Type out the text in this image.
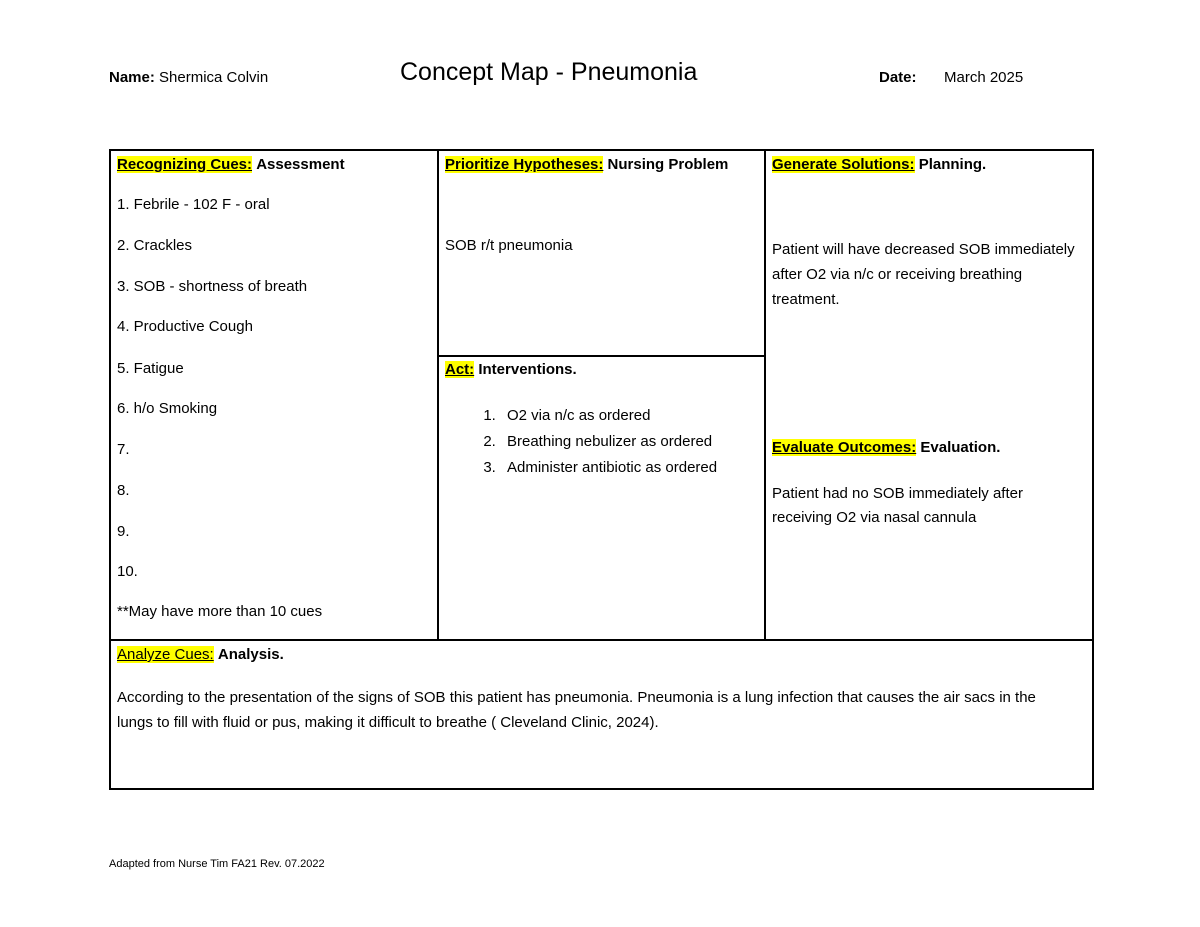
Name: Shermica Colvin	Concept Map - Pneumonia	Date: March 2025
Recognizing Cues: Assessment
1. Febrile - 102 F - oral
2. Crackles
3. SOB - shortness of breath
4. Productive Cough
5. Fatigue
6. h/o Smoking
7.
8.
9.
10.
**May have more than 10 cues
Prioritize Hypotheses: Nursing Problem
SOB r/t pneumonia
Act: Interventions.
1. O2 via n/c as ordered
2. Breathing nebulizer as ordered
3. Administer antibiotic as ordered
Generate Solutions: Planning.
Patient will have decreased SOB immediately after O2 via n/c or receiving breathing treatment.
Evaluate Outcomes: Evaluation.
Patient had no SOB immediately after receiving O2 via nasal cannula
Analyze Cues: Analysis.
According to the presentation of the signs of SOB this patient has pneumonia. Pneumonia is a lung infection that causes the air sacs in the lungs to fill with fluid or pus, making it difficult to breathe ( Cleveland Clinic, 2024).
Adapted from Nurse Tim FA21 Rev. 07.2022
